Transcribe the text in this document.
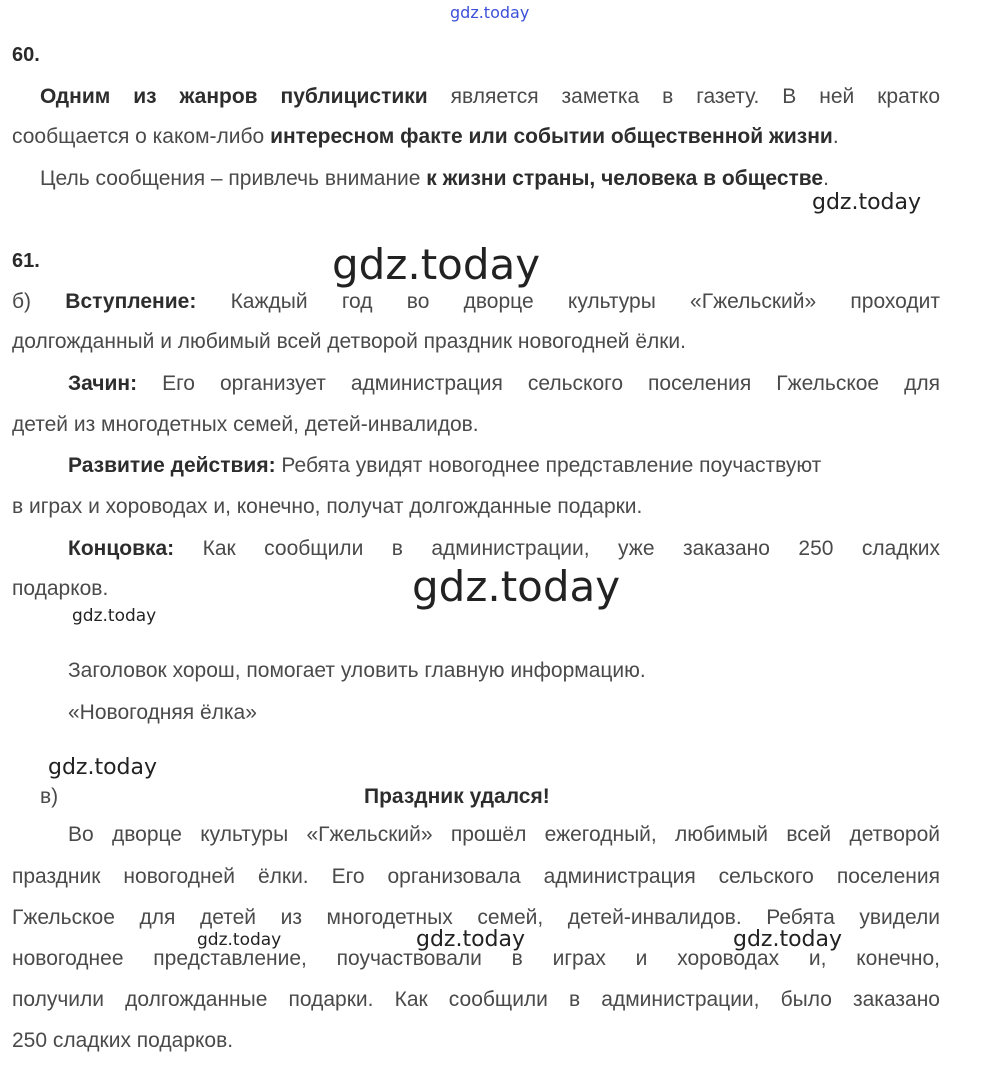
gdz.today
60.
Одним из жанров публицистики является заметка в газету. В ней кратко
сообщается о каком-либо интересном факте или событии общественной жизни.
Цель сообщения – привлечь внимание к жизни страны, человека в обществе.
gdz.today
61.	gdz.today
б) Вступление: Каждый год во дворце культуры «Гжельский» проходит
долгожданный и любимый всей детворой праздник новогодней ёлки.
Зачин: Его организует администрация сельского поселения Гжельское для
детей из многодетных семей, детей-инвалидов.
Развитие действия: Ребята увидят новогоднее представление поучаствуют
в играх и хороводах и, конечно, получат долгожданные подарки.
Концовка: Как сообщили в администрации, уже заказано 250 сладких
подарков.	gdz.today
gdz.today
Заголовок хорош, помогает уловить главную информацию.
«Новогодняя ёлка»
gdz.today
в)	Праздник удался!
Во дворце культуры «Гжельский» прошёл ежегодный, любимый всей детворой
праздник новогодней ёлки. Его организовала администрация сельского поселения
Гжельское для детей из многодетных семей, детей-инвалидов. Ребята увидели
gdz.today	gdz.today	gdz.today
новогоднее представление, поучаствовали в играх и хороводах и, конечно,
получили долгожданные подарки. Как сообщили в администрации, было заказано
250 сладких подарков.
